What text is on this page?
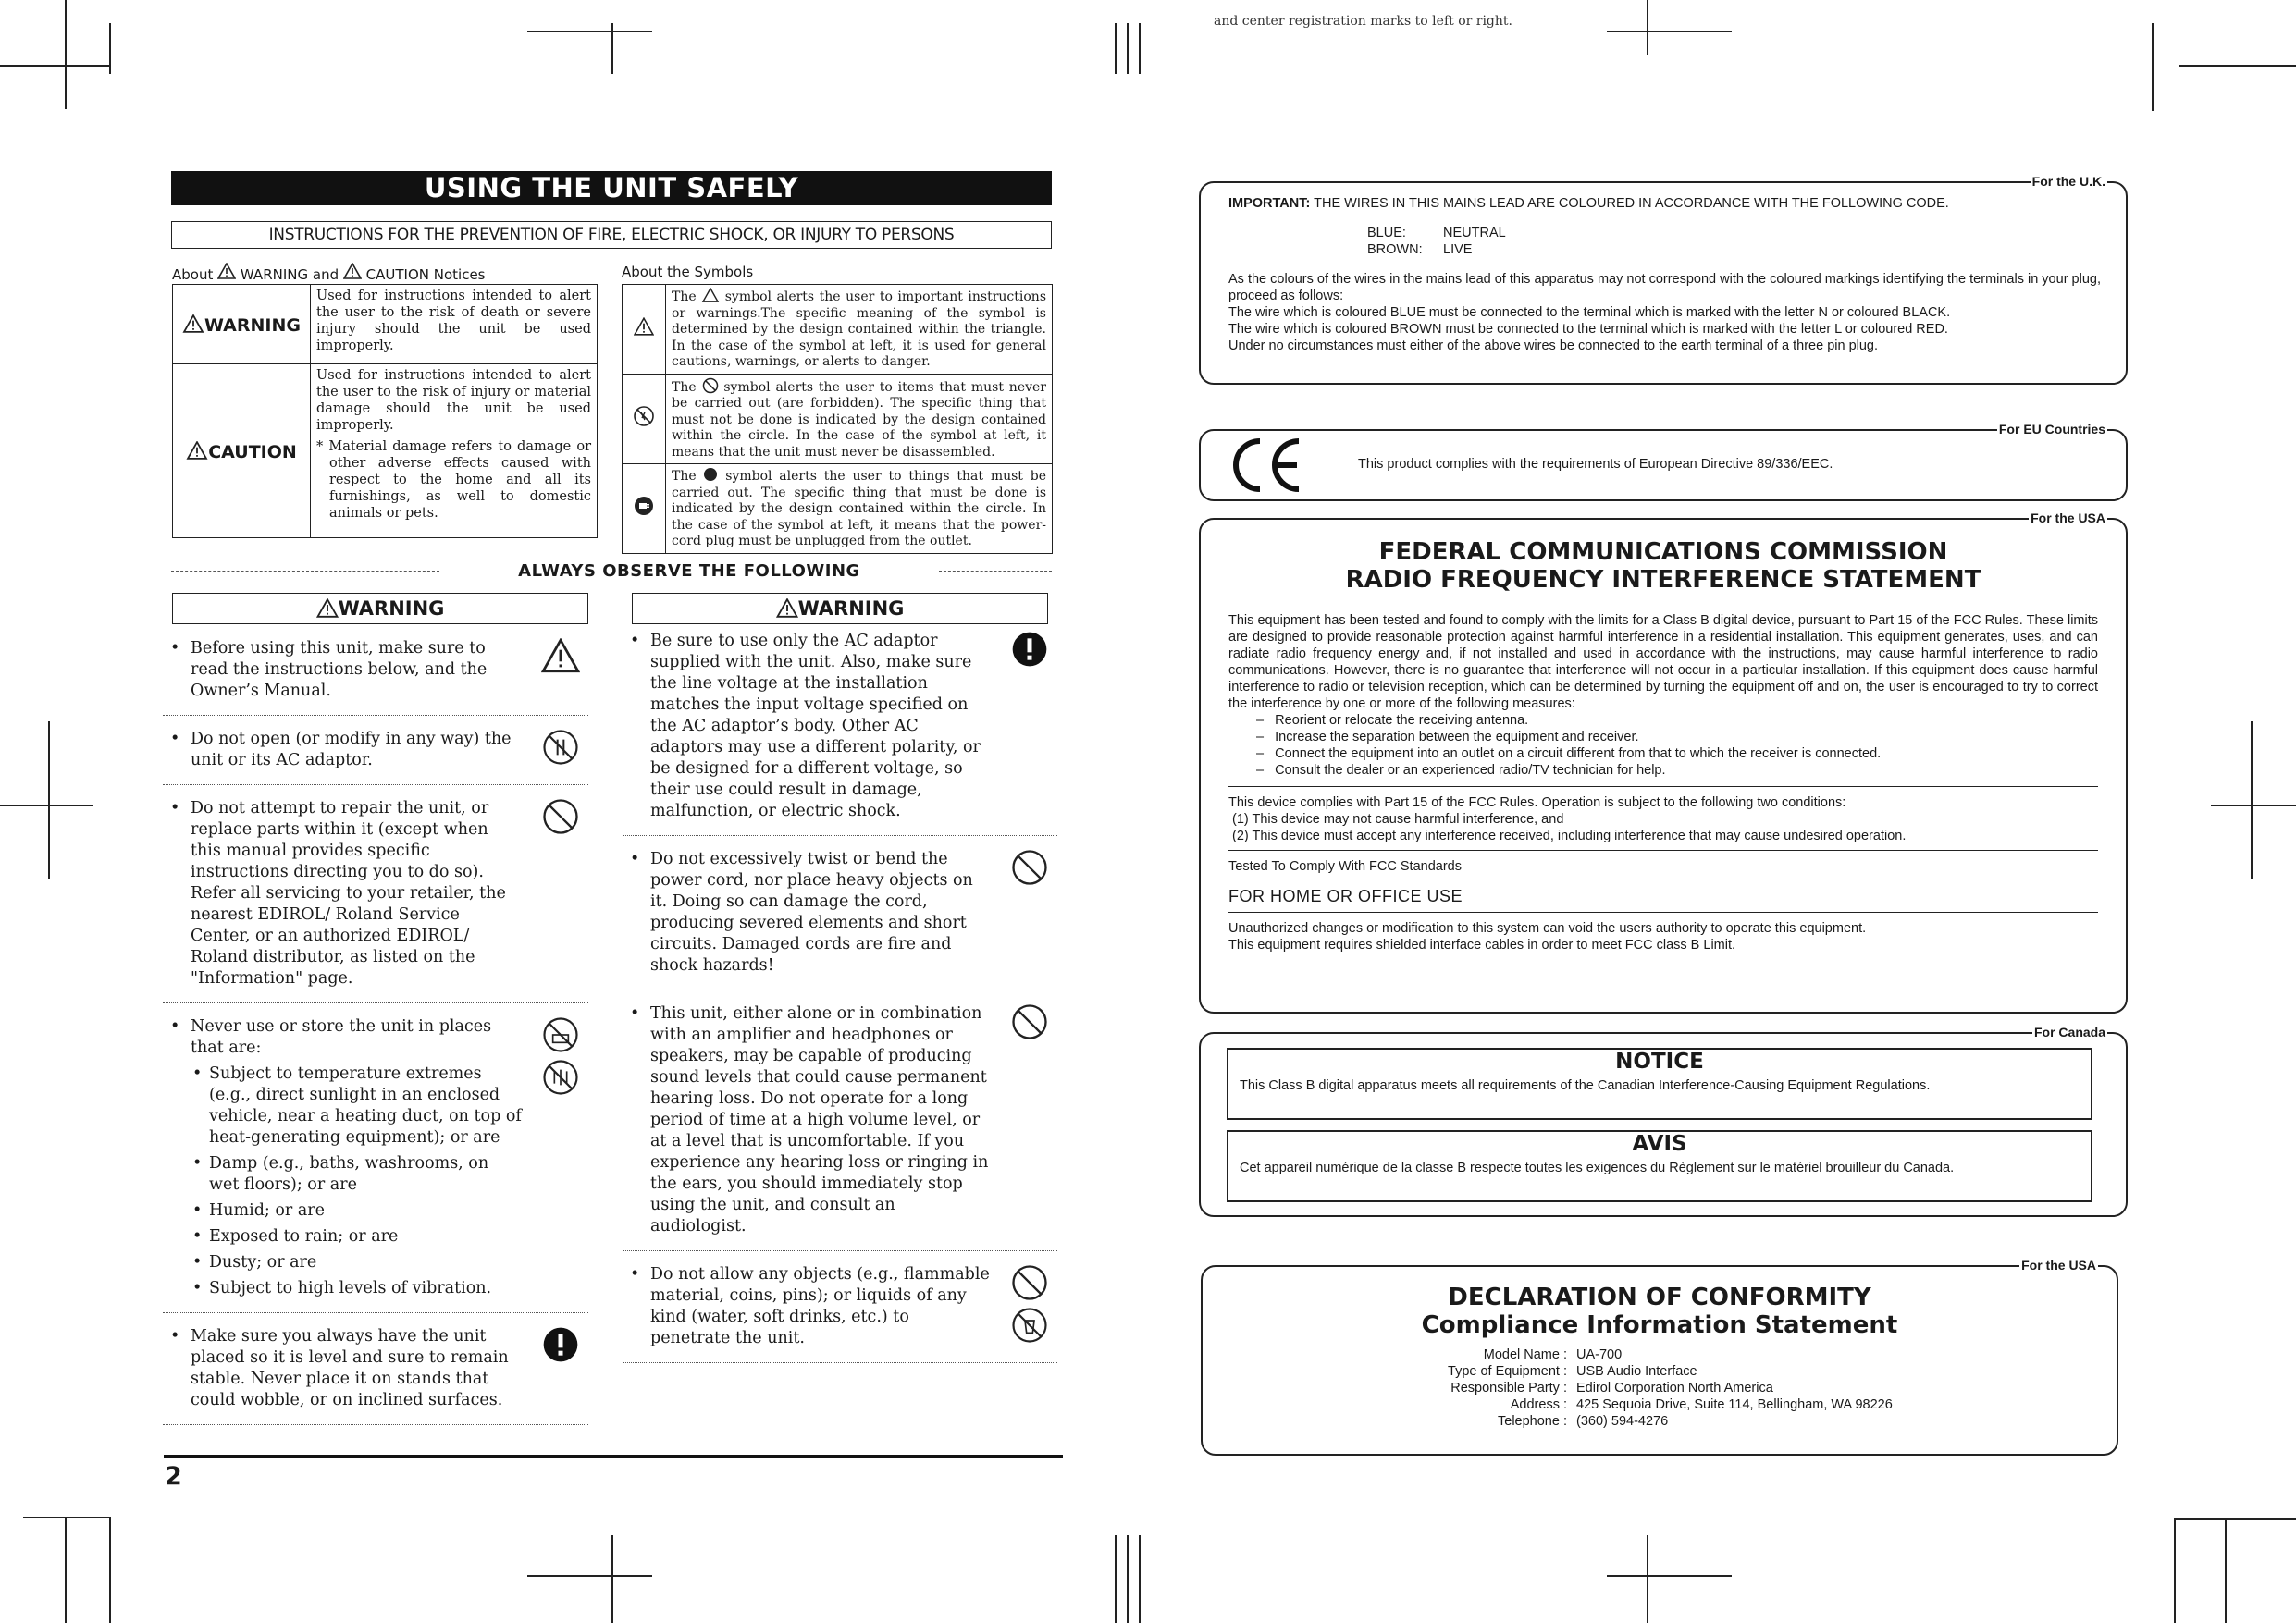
and center registration marks to left or right.
USING THE UNIT SAFELY
INSTRUCTIONS FOR THE PREVENTION OF FIRE, ELECTRIC SHOCK, OR INJURY TO PERSONS
About WARNING and CAUTION Notices	About the Symbols
WARNING	Used for instructions intended to alert the user to the risk of death or severe injury should the unit be used improperly.
CAUTION	Used for instructions intended to alert the user to the risk of injury or material damage should the unit be used improperly.
* Material damage refers to damage or other adverse effects caused with respect to the home and all its furnishings, as well to domestic animals or pets.
	The symbol alerts the user to important instructions or warnings.The specific meaning of the symbol is determined by the design contained within the triangle. In the case of the symbol at left, it is used for general cautions, warnings, or alerts to danger.
	The symbol alerts the user to items that must never be carried out (are forbidden). The specific thing that must not be done is indicated by the design contained within the circle. In the case of the symbol at left, it means that the unit must never be disassembled.
	The symbol alerts the user to things that must be carried out. The specific thing that must be done is indicated by the design contained within the circle. In the case of the symbol at left, it means that the power-cord plug must be unplugged from the outlet.
ALWAYS OBSERVE THE FOLLOWING
WARNING	WARNING
• Before using this unit, make sure to read the instructions below, and the Owner’s Manual.
• Do not open (or modify in any way) the unit or its AC adaptor.
• Do not attempt to repair the unit, or replace parts within it (except when this manual provides specific instructions directing you to do so). Refer all servicing to your retailer, the nearest EDIROL/ Roland Service Center, or an authorized EDIROL/ Roland distributor, as listed on the "Information" page.
• Never use or store the unit in places that are:
• Subject to temperature extremes (e.g., direct sunlight in an enclosed vehicle, near a heating duct, on top of heat-generating equipment); or are
• Damp (e.g., baths, washrooms, on wet floors); or are
• Humid; or are
• Exposed to rain; or are
• Dusty; or are
• Subject to high levels of vibration.
• Make sure you always have the unit placed so it is level and sure to remain stable. Never place it on stands that could wobble, or on inclined surfaces.
• Be sure to use only the AC adaptor supplied with the unit. Also, make sure the line voltage at the installation matches the input voltage specified on the AC adaptor’s body. Other AC adaptors may use a different polarity, or be designed for a different voltage, so their use could result in damage, malfunction, or electric shock.
• Do not excessively twist or bend the power cord, nor place heavy objects on it. Doing so can damage the cord, producing severed elements and short circuits. Damaged cords are fire and shock hazards!
• This unit, either alone or in combination with an amplifier and headphones or speakers, may be capable of producing sound levels that could cause permanent hearing loss. Do not operate for a long period of time at a high volume level, or at a level that is uncomfortable. If you experience any hearing loss or ringing in the ears, you should immediately stop using the unit, and consult an audiologist.
• Do not allow any objects (e.g., flammable material, coins, pins); or liquids of any kind (water, soft drinks, etc.) to penetrate the unit.
2
For the U.K.
IMPORTANT: THE WIRES IN THIS MAINS LEAD ARE COLOURED IN ACCORDANCE WITH THE FOLLOWING CODE.
BLUE:	NEUTRAL
BROWN: LIVE
As the colours of the wires in the mains lead of this apparatus may not correspond with the coloured markings identifying the terminals in your plug, proceed as follows:
The wire which is coloured BLUE must be connected to the terminal which is marked with the letter N or coloured BLACK.
The wire which is coloured BROWN must be connected to the terminal which is marked with the letter L or coloured RED.
Under no circumstances must either of the above wires be connected to the earth terminal of a three pin plug.
For EU Countries
This product complies with the requirements of European Directive 89/336/EEC.
For the USA
FEDERAL COMMUNICATIONS COMMISSION
RADIO FREQUENCY INTERFERENCE STATEMENT
This equipment has been tested and found to comply with the limits for a Class B digital device, pursuant to Part 15 of the FCC Rules. These limits are designed to provide reasonable protection against harmful interference in a residential installation. This equipment generates, uses, and can radiate radio frequency energy and, if not installed and used in accordance with the instructions, may cause harmful interference to radio communications. However, there is no guarantee that interference will not occur in a particular installation. If this equipment does cause harmful interference to radio or television reception, which can be determined by turning the equipment off and on, the user is encouraged to try to correct the interference by one or more of the following measures:
–   Reorient or relocate the receiving antenna.
–   Increase the separation between the equipment and receiver.
–   Connect the equipment into an outlet on a circuit different from that to which the receiver is connected.
–   Consult the dealer or an experienced radio/TV technician for help.
This device complies with Part 15 of the FCC Rules. Operation is subject to the following two conditions:
(1) This device may not cause harmful interference, and
(2) This device must accept any interference received, including interference that may cause undesired operation.
Tested To Comply With FCC Standards
FOR HOME OR OFFICE USE
Unauthorized changes or modification to this system can void the users authority to operate this equipment.
This equipment requires shielded interface cables in order to meet FCC class B Limit.
For Canada
NOTICE
This Class B digital apparatus meets all requirements of the Canadian Interference-Causing Equipment Regulations.
AVIS
Cet appareil numérique de la classe B respecte toutes les exigences du Règlement sur le matériel brouilleur du Canada.
For the USA
DECLARATION OF CONFORMITY
Compliance Information Statement
Model Name : UA-700
Type of Equipment : USB Audio Interface
Responsible Party : Edirol Corporation North America
Address : 425 Sequoia Drive, Suite 114, Bellingham, WA 98226
Telephone : (360) 594-4276
